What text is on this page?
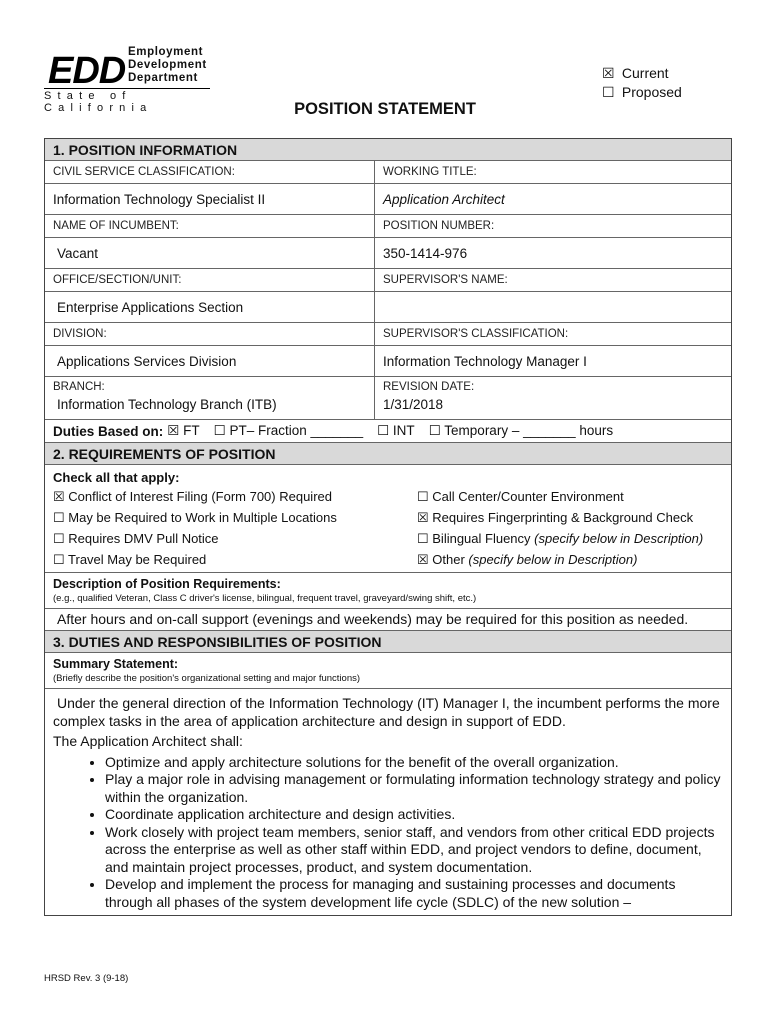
EDD Employment
Development
Department
State of California
☒ Current
☐ Proposed
POSITION STATEMENT
1. POSITION INFORMATION
CIVIL SERVICE CLASSIFICATION:	WORKING TITLE:
Information Technology Specialist II	Application Architect
NAME OF INCUMBENT:	POSITION NUMBER:
Vacant	350-1414-976
OFFICE/SECTION/UNIT:	SUPERVISOR'S NAME:
Enterprise Applications Section
DIVISION:	SUPERVISOR'S CLASSIFICATION:
Applications Services Division	Information Technology Manager I
BRANCH:	REVISION DATE:
Information Technology Branch (ITB)	1/31/2018
Duties Based on: ☒ FT ☐ PT– Fraction _______ ☐ INT ☐ Temporary – _______ hours
2. REQUIREMENTS OF POSITION
Check all that apply:
☒ Conflict of Interest Filing (Form 700) Required
☐ May be Required to Work in Multiple Locations
☐ Requires DMV Pull Notice
☐ Travel May be Required
☐ Call Center/Counter Environment
☒ Requires Fingerprinting & Background Check
☐ Bilingual Fluency (specify below in Description)
☒ Other (specify below in Description)
Description of Position Requirements:
(e.g., qualified Veteran, Class C driver's license, bilingual, frequent travel, graveyard/swing shift, etc.)
After hours and on-call support (evenings and weekends) may be required for this position as needed.
3. DUTIES AND RESPONSIBILITIES OF POSITION
Summary Statement:
(Briefly describe the position's organizational setting and major functions)

Under the general direction of the Information Technology (IT) Manager I, the incumbent performs the more complex tasks in the area of application architecture and design in support of EDD.

The Application Architect shall:

• Optimize and apply architecture solutions for the benefit of the overall organization.
• Play a major role in advising management or formulating information technology strategy and policy within the organization.
• Coordinate application architecture and design activities.
• Work closely with project team members, senior staff, and vendors from other critical EDD projects across the enterprise as well as other staff within EDD, and project vendors to define, document, and maintain project processes, product, and system documentation.
• Develop and implement the process for managing and sustaining processes and documents through all phases of the system development life cycle (SDLC) of the new solution –
HRSD Rev. 3 (9-18)
